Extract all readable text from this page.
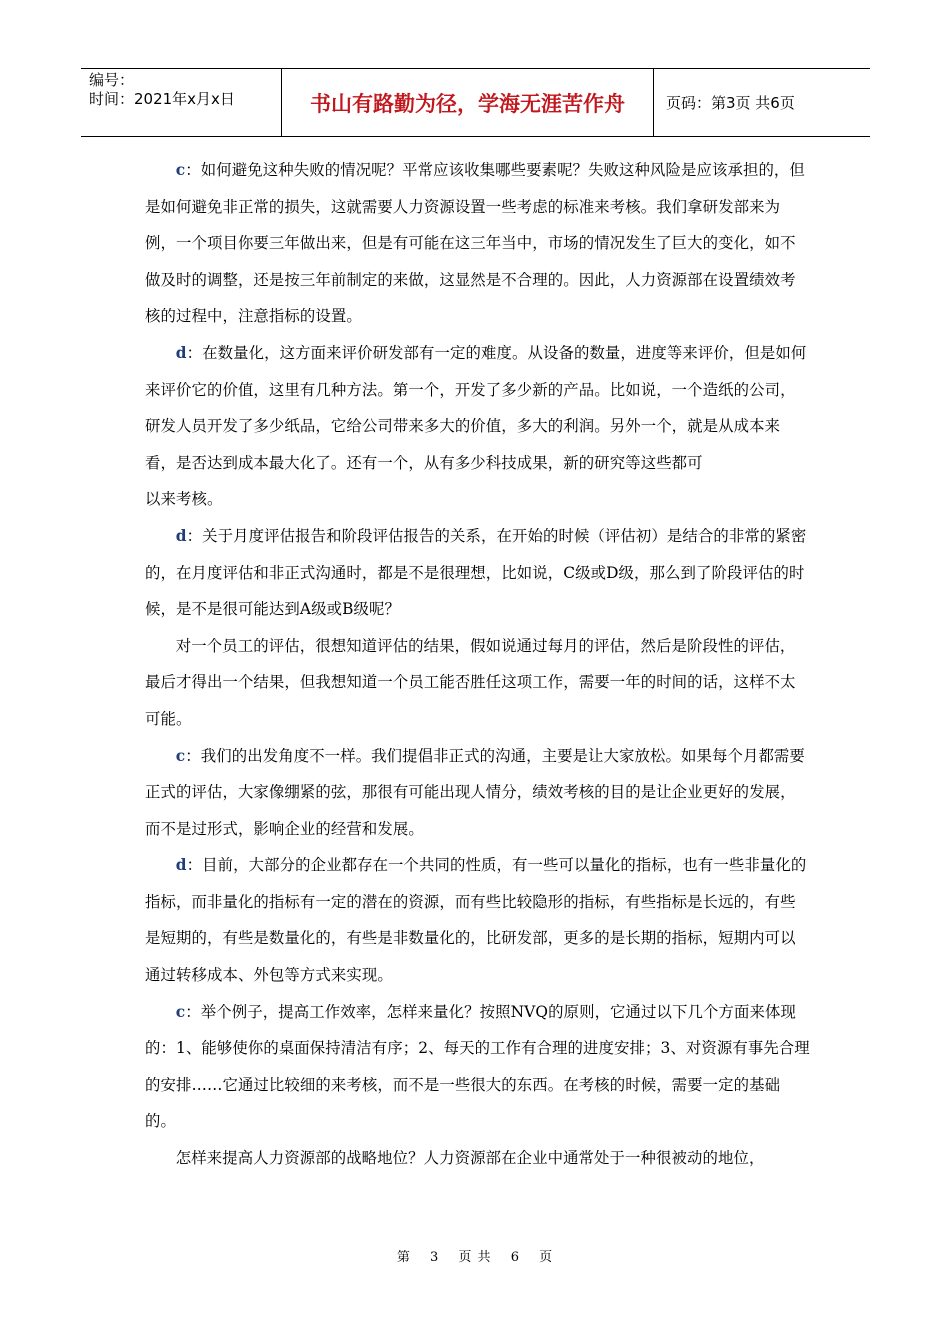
编号：
时间：2021年x月x日	书山有路勤为径，学海无涯苦作舟	页码：第3页 共6页

c：如何避免这种失败的情况呢？平常应该收集哪些要素呢？失败这种风险是应该承担的，但是如何避免非正常的损失，这就需要人力资源设置一些考虑的标准来考核。我们拿研发部来为例，一个项目你要三年做出来，但是有可能在这三年当中，市场的情况发生了巨大的变化，如不做及时的调整，还是按三年前制定的来做，这显然是不合理的。因此，人力资源部在设置绩效考核的过程中，注意指标的设置。

d：在数量化，这方面来评价研发部有一定的难度。从设备的数量，进度等来评价，但是如何来评价它的价值，这里有几种方法。第一个，开发了多少新的产品。比如说，一个造纸的公司，研发人员开发了多少纸品，它给公司带来多大的价值，多大的利润。另外一个，就是从成本来看，是否达到成本最大化了。还有一个，从有多少科技成果，新的研究等这些都可

以来考核。

d：关于月度评估报告和阶段评估报告的关系，在开始的时候（评估初）是结合的非常的紧密的，在月度评估和非正式沟通时，都是不是很理想，比如说，C级或D级，那么到了阶段评估的时候，是不是很可能达到A级或B级呢？

对一个员工的评估，很想知道评估的结果，假如说通过每月的评估，然后是阶段性的评估，最后才得出一个结果，但我想知道一个员工能否胜任这项工作，需要一年的时间的话，这样不太可能。

c：我们的出发角度不一样。我们提倡非正式的沟通，主要是让大家放松。如果每个月都需要正式的评估，大家像绷紧的弦，那很有可能出现人情分，绩效考核的目的是让企业更好的发展，而不是过形式，影响企业的经营和发展。

d：目前，大部分的企业都存在一个共同的性质，有一些可以量化的指标，也有一些非量化的指标，而非量化的指标有一定的潜在的资源，而有些比较隐形的指标，有些指标是长远的，有些是短期的，有些是数量化的，有些是非数量化的，比研发部，更多的是长期的指标，短期内可以通过转移成本、外包等方式来实现。

c：举个例子，提高工作效率，怎样来量化？按照NVQ的原则，它通过以下几个方面来体现的：1、能够使你的桌面保持清洁有序；2、每天的工作有合理的进度安排；3、对资源有事先合理的安排……它通过比较细的来考核，而不是一些很大的东西。在考核的时候，需要一定的基础的。

怎样来提高人力资源部的战略地位？人力资源部在企业中通常处于一种很被动的地位，

第 3 页 共 6 页
